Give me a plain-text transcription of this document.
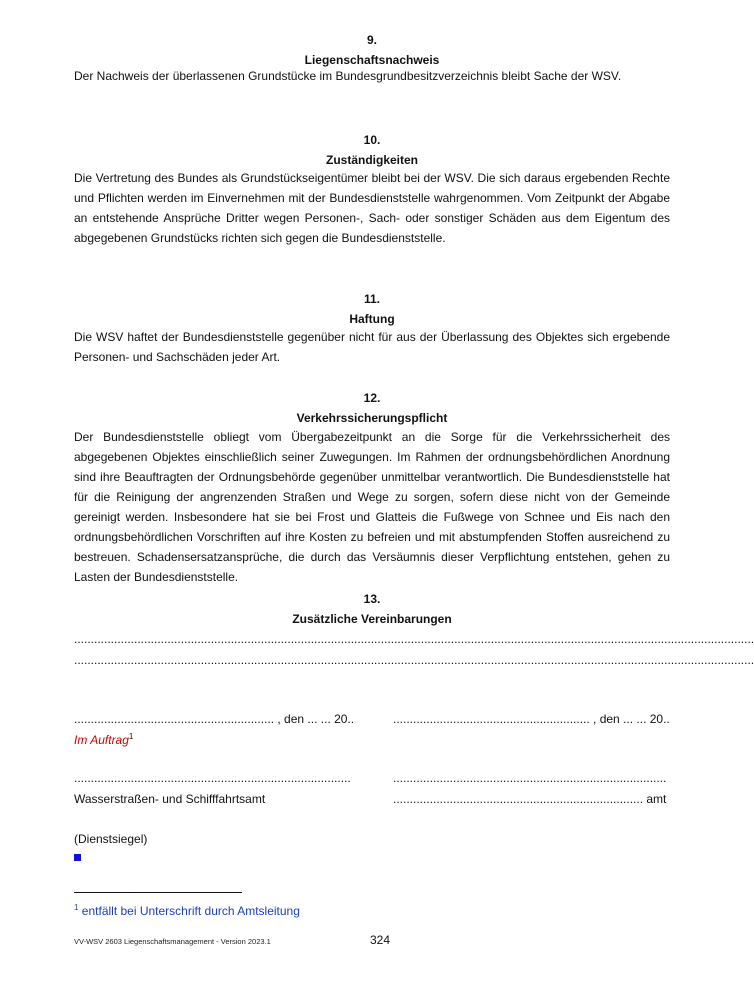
9.
Liegenschaftsnachweis

Der Nachweis der überlassenen Grundstücke im Bundesgrundbesitzverzeichnis bleibt Sache der WSV.

10.
Zuständigkeiten

Die Vertretung des Bundes als Grundstückseigentümer bleibt bei der WSV. Die sich daraus ergebenden Rechte und Pflichten werden im Einvernehmen mit der Bundesdienststelle wahrgenommen. Vom Zeitpunkt der Abgabe an entstehende Ansprüche Dritter wegen Personen-, Sach- oder sonstiger Schäden aus dem Eigentum des abgegebenen Grundstücks richten sich gegen die Bundesdienststelle.

11.
Haftung

Die WSV haftet der Bundesdienststelle gegenüber nicht für aus der Überlassung des Objektes sich ergebende Personen- und Sachschäden jeder Art.

12.
Verkehrssicherungspflicht

Der Bundesdienststelle obliegt vom Übergabezeitpunkt an die Sorge für die Verkehrssicherheit des abgegebenen Objektes einschließlich seiner Zuwegungen. Im Rahmen der ordnungsbehördlichen Anordnung sind ihre Beauftragten der Ordnungsbehörde gegenüber unmittelbar verantwortlich. Die Bundesdienststelle hat für die Reinigung der angrenzenden Straßen und Wege zu sorgen, sofern diese nicht von der Gemeinde gereinigt werden. Insbesondere hat sie bei Frost und Glatteis die Fußwege von Schnee und Eis nach den ordnungsbehördlichen Vorschriften auf ihre Kosten zu befreien und mit abstumpfenden Stoffen ausreichend zu bestreuen. Schadensersatzansprüche, die durch das Versäumnis dieser Verpflichtung entstehen, gehen zu Lasten der Bundesdienststelle.

13.
Zusätzliche Vereinbarungen
............................................................................................................................................................................................................
............................................................................................................................................................................................................
............................................................ , den ... ... 20..	........................................................... , den ... ... 20..
Im Auftrag$^1$
...................................................................................	..................................................................................
Wasserstraßen- und Schifffahrtsamt	........................................................................... amt
(Dienstsiegel)
$^1$ entfällt bei Unterschrift durch Amtsleitung
VV-WSV 2603 Liegenschaftsmanagement - Version 2023.1	324
